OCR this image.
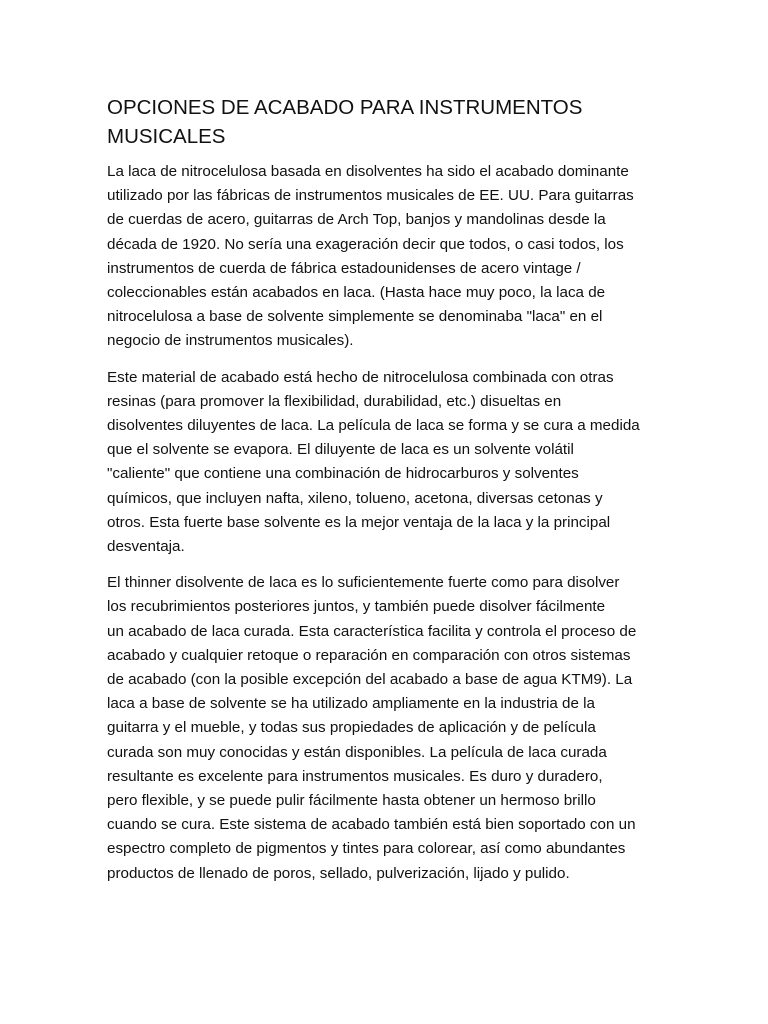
OPCIONES DE ACABADO PARA INSTRUMENTOS
MUSICALES

La laca de nitrocelulosa basada en disolventes ha sido el acabado dominante
utilizado por las fábricas de instrumentos musicales de EE. UU. Para guitarras
de cuerdas de acero, guitarras de Arch Top, banjos y mandolinas desde la
década de 1920. No sería una exageración decir que todos, o casi todos, los
instrumentos de cuerda de fábrica estadounidenses de acero vintage /
coleccionables están acabados en laca. (Hasta hace muy poco, la laca de
nitrocelulosa a base de solvente simplemente se denominaba "laca" en el
negocio de instrumentos musicales).

Este material de acabado está hecho de nitrocelulosa combinada con otras
resinas (para promover la flexibilidad, durabilidad, etc.) disueltas en
disolventes diluyentes de laca. La película de laca se forma y se cura a medida
que el solvente se evapora. El diluyente de laca es un solvente volátil
"caliente" que contiene una combinación de hidrocarburos y solventes
químicos, que incluyen nafta, xileno, tolueno, acetona, diversas cetonas y
otros. Esta fuerte base solvente es la mejor ventaja de la laca y la principal
desventaja.

El thinner disolvente de laca es lo suficientemente fuerte como para disolver
los recubrimientos posteriores juntos, y también puede disolver fácilmente
un acabado de laca curada. Esta característica facilita y controla el proceso de
acabado y cualquier retoque o reparación en comparación con otros sistemas
de acabado (con la posible excepción del acabado a base de agua KTM9). La
laca a base de solvente se ha utilizado ampliamente en la industria de la
guitarra y el mueble, y todas sus propiedades de aplicación y de película
curada son muy conocidas y están disponibles. La película de laca curada
resultante es excelente para instrumentos musicales. Es duro y duradero,
pero flexible, y se puede pulir fácilmente hasta obtener un hermoso brillo
cuando se cura. Este sistema de acabado también está bien soportado con un
espectro completo de pigmentos y tintes para colorear, así como abundantes
productos de llenado de poros, sellado, pulverización, lijado y pulido.
